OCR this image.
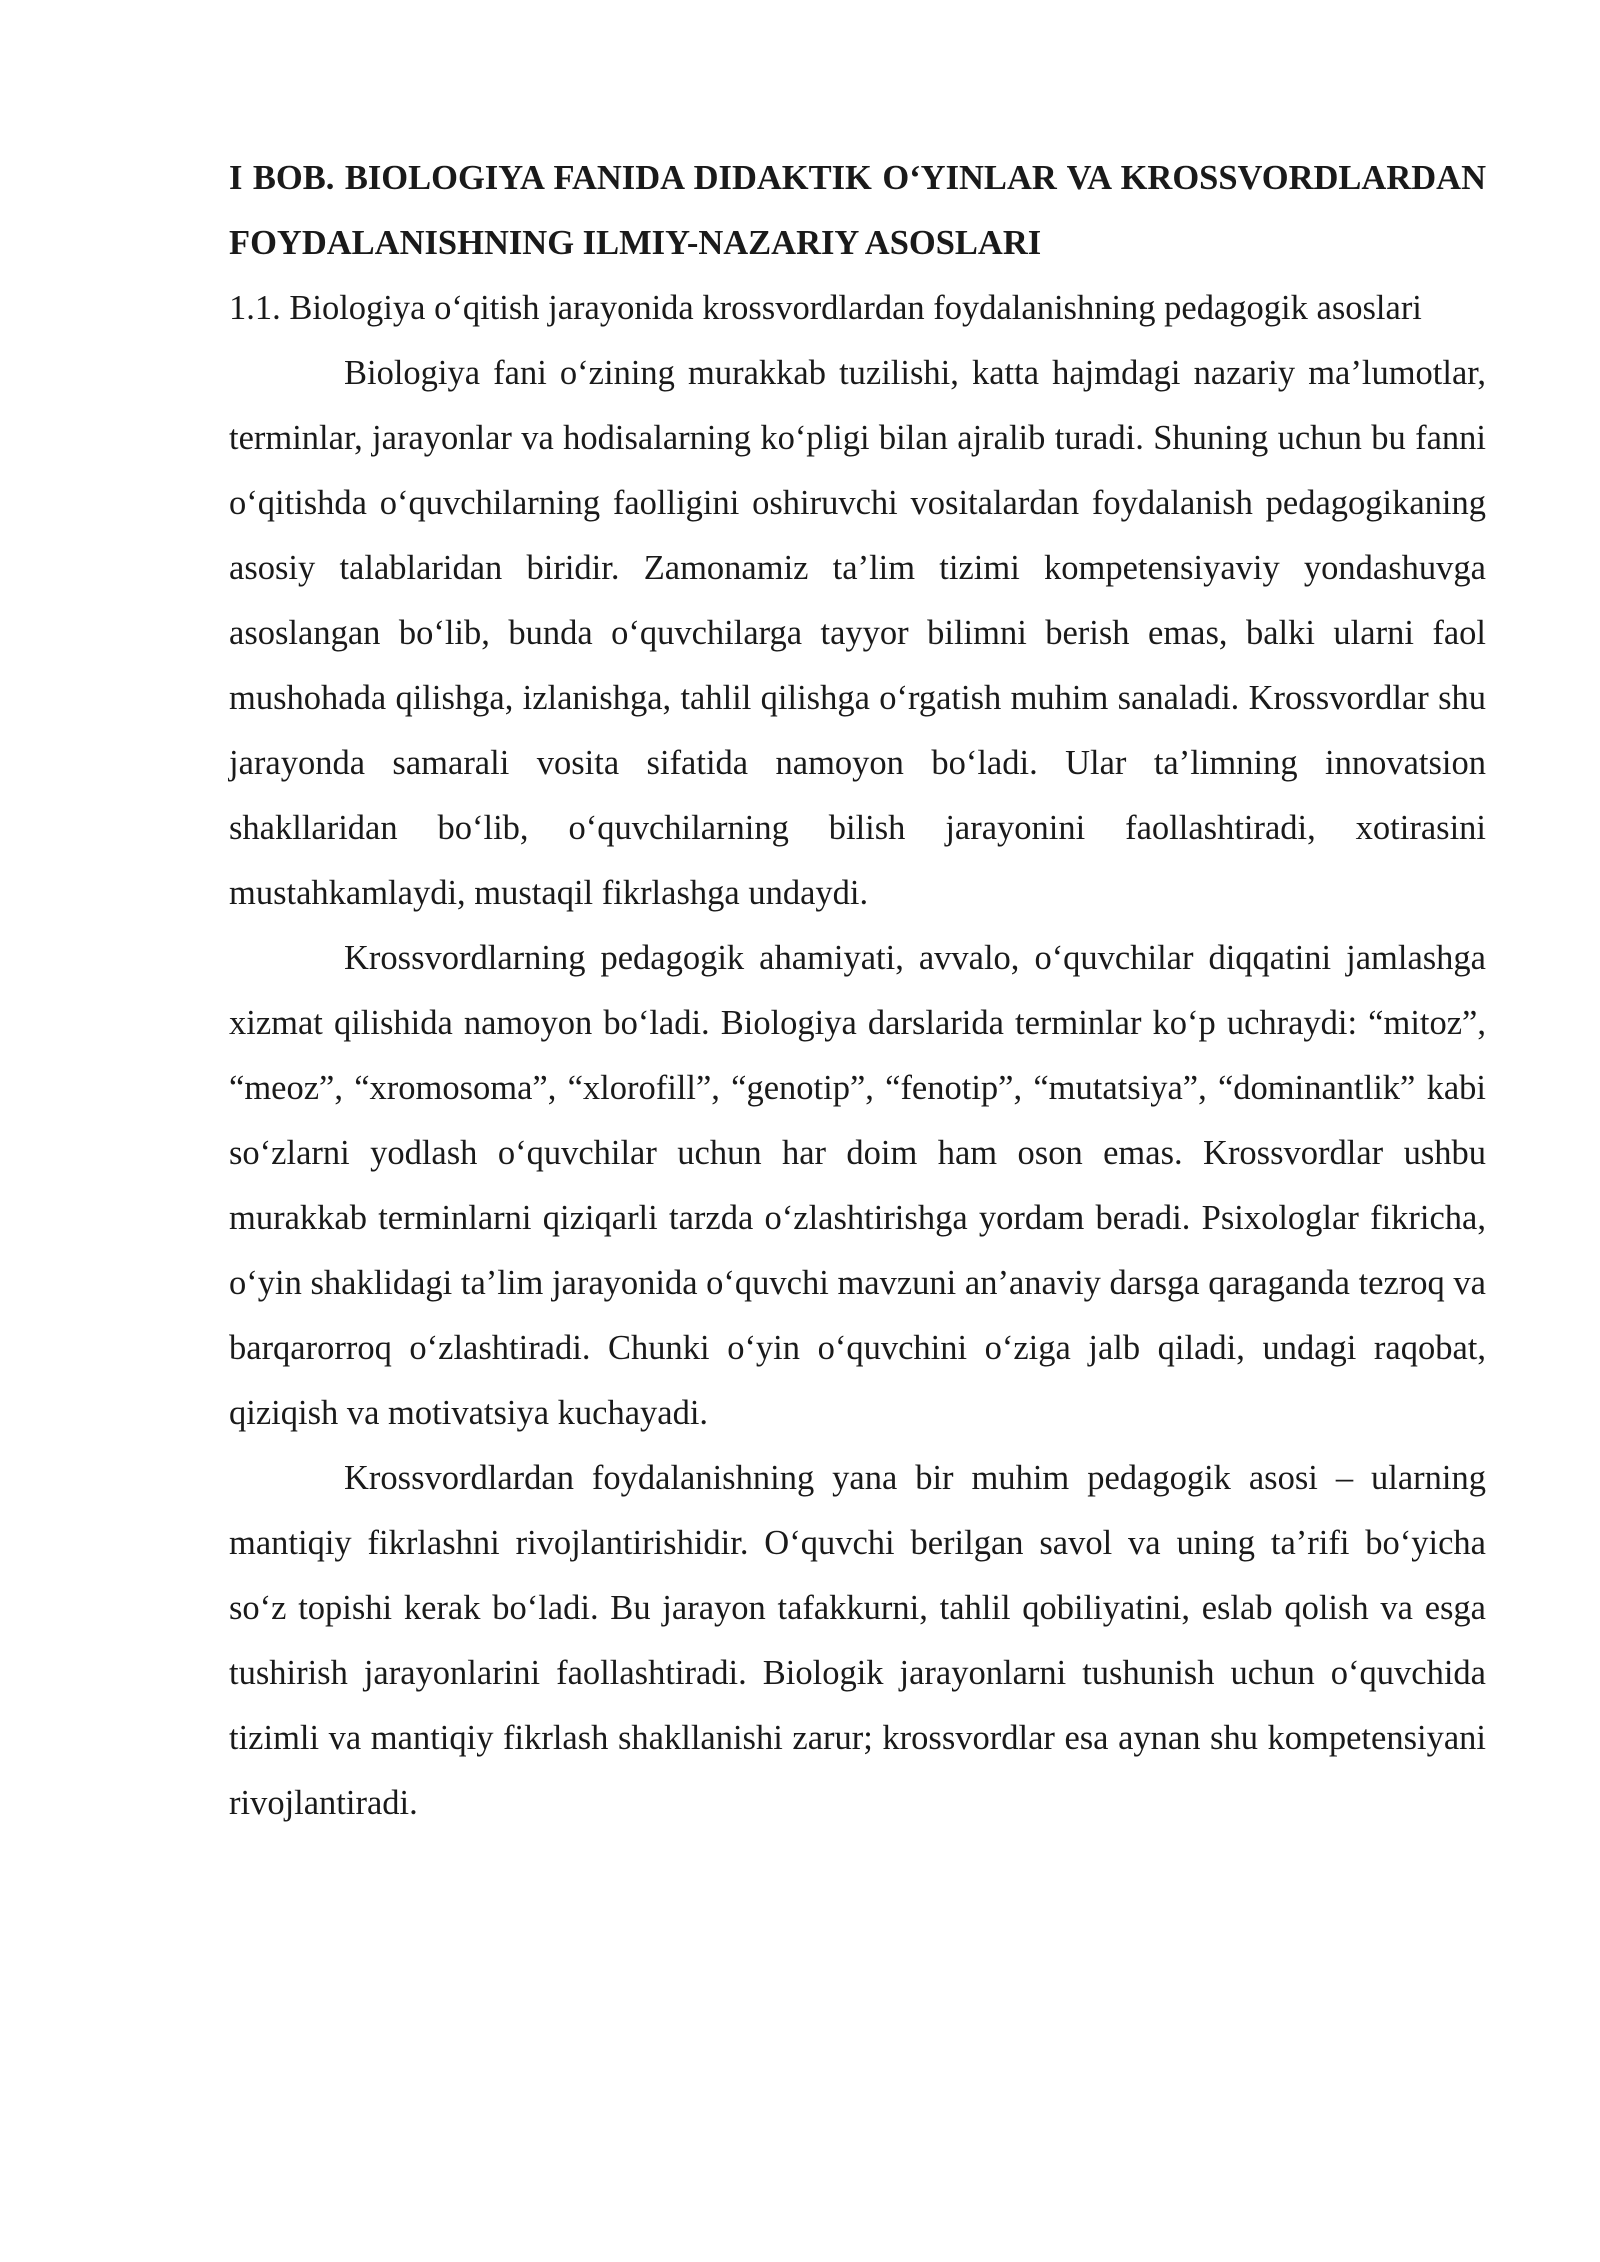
I BOB. BIOLOGIYA FANIDA DIDAKTIK O‘YINLAR VA KROSSVORDLARDAN FOYDALANISHNING ILMIY-NAZARIY ASOSLARI
1.1. Biologiya o‘qitish jarayonida krossvordlardan foydalanishning pedagogik asoslari

Biologiya fani o‘zining murakkab tuzilishi, katta hajmdagi nazariy ma’lumotlar, terminlar, jarayonlar va hodisalarning ko‘pligi bilan ajralib turadi. Shuning uchun bu fanni o‘qitishda o‘quvchilarning faolligini oshiruvchi vositalardan foydalanish pedagogikaning asosiy talablaridan biridir. Zamonamiz ta’lim tizimi kompetensiyaviy yondashuvga asoslangan bo‘lib, bunda o‘quvchilarga tayyor bilimni berish emas, balki ularni faol mushohada qilishga, izlanishga, tahlil qilishga o‘rgatish muhim sanaladi. Krossvordlar shu jarayonda samarali vosita sifatida namoyon bo‘ladi. Ular ta’limning innovatsion shakllaridan bo‘lib, o‘quvchilarning bilish jarayonini faollashtiradi, xotirasini mustahkamlaydi, mustaqil fikrlashga undaydi.

Krossvordlarning pedagogik ahamiyati, avvalo, o‘quvchilar diqqatini jamlashga xizmat qilishida namoyon bo‘ladi. Biologiya darslarida terminlar ko‘p uchraydi: “mitoz”, “meoz”, “xromosoma”, “xlorofill”, “genotip”, “fenotip”, “mutatsiya”, “dominantlik” kabi so‘zlarni yodlash o‘quvchilar uchun har doim ham oson emas. Krossvordlar ushbu murakkab terminlarni qiziqarli tarzda o‘zlashtirishga yordam beradi. Psixologlar fikricha, o‘yin shaklidagi ta’lim jarayonida o‘quvchi mavzuni an’anaviy darsga qaraganda tezroq va barqarorroq o‘zlashtiradi. Chunki o‘yin o‘quvchini o‘ziga jalb qiladi, undagi raqobat, qiziqish va motivatsiya kuchayadi.

Krossvordlardan foydalanishning yana bir muhim pedagogik asosi – ularning mantiqiy fikrlashni rivojlantirishidir. O‘quvchi berilgan savol va uning ta’rifi bo‘yicha so‘z topishi kerak bo‘ladi. Bu jarayon tafakkurni, tahlil qobiliyatini, eslab qolish va esga tushirish jarayonlarini faollashtiradi. Biologik jarayonlarni tushunish uchun o‘quvchida tizimli va mantiqiy fikrlash shakllanishi zarur; krossvordlar esa aynan shu kompetensiyani rivojlantiradi.
